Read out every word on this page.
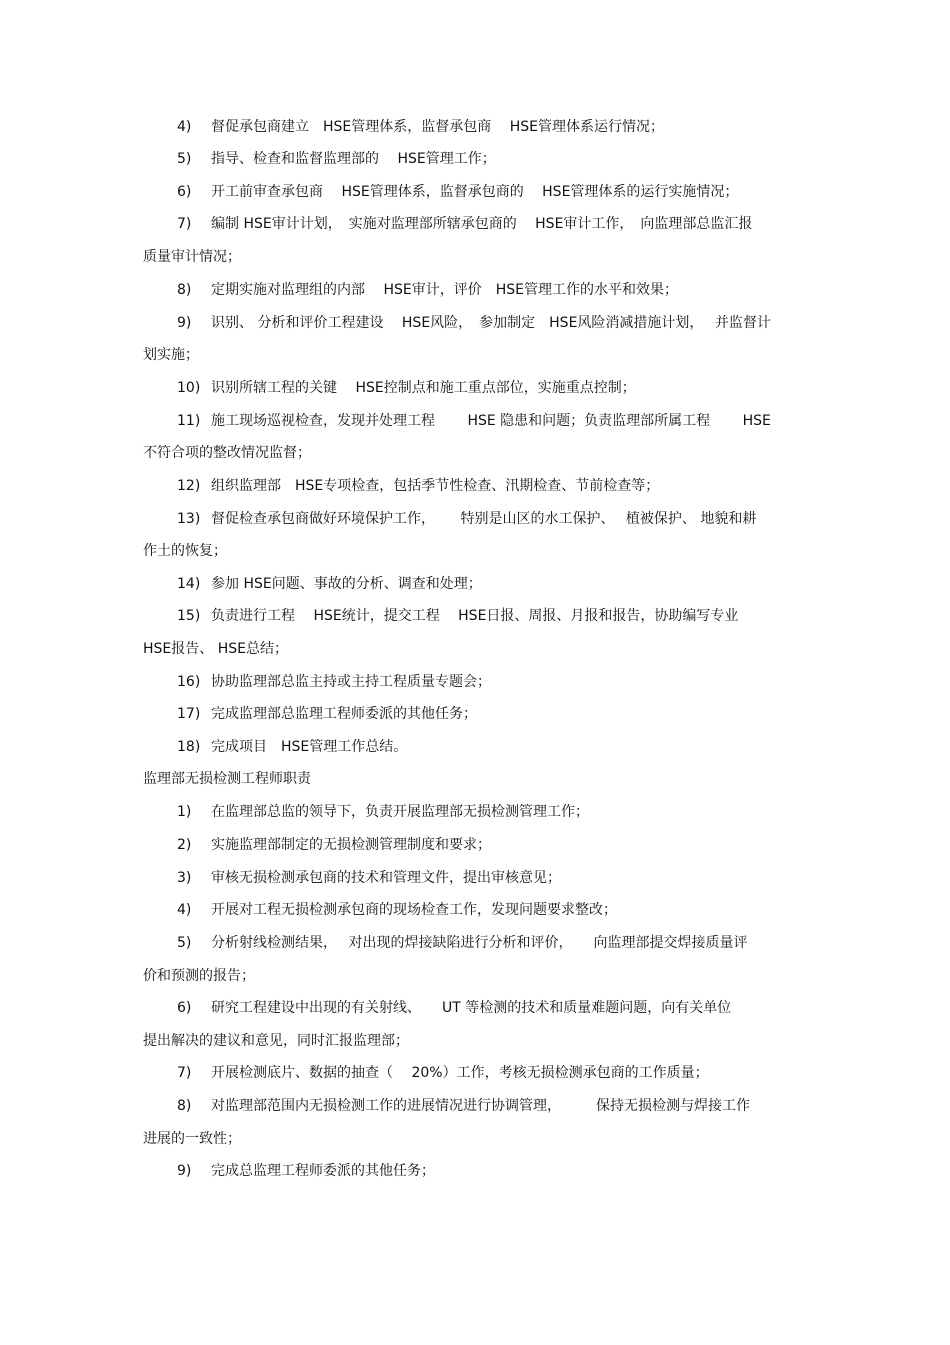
4) 督促承包商建立　HSE管理体系，监督承包商　 HSE管理体系运行情况；
5) 指导、检查和监督监理部的　 HSE管理工作；
6) 开工前审查承包商　 HSE管理体系，监督承包商的　 HSE管理体系的运行实施情况；
7) 编制 HSE审计计划，　实施对监理部所辖承包商的　 HSE审计工作，　向监理部总监汇报
质量审计情况；
8) 定期实施对监理组的内部　 HSE审计，评价　HSE管理工作的水平和效果；
9) 识别、 分析和评价工程建设　 HSE风险，　参加制定　HSE风险消减措施计划，　 并监督计
划实施；
10) 识别所辖工程的关键　 HSE控制点和施工重点部位，实施重点控制；
11) 施工现场巡视检查，发现并处理工程　　 HSE 隐患和问题；负责监理部所属工程　　 HSE
不符合项的整改情况监督；
12) 组织监理部　HSE专项检查，包括季节性检查、汛期检查、节前检查等；
13) 督促检查承包商做好环境保护工作，　　 特别是山区的水工保护、　 植被保护、 地貌和耕
作土的恢复；
14) 参加 HSE问题、事故的分析、调查和处理；
15) 负责进行工程　 HSE统计，提交工程　 HSE日报、周报、月报和报告，协助编写专业
HSE报告、 HSE总结；
16) 协助监理部总监主持或主持工程质量专题会；
17) 完成监理部总监理工程师委派的其他任务；
18) 完成项目　HSE管理工作总结。
监理部无损检测工程师职责
1) 在监理部总监的领导下，负责开展监理部无损检测管理工作；
2) 实施监理部制定的无损检测管理制度和要求；
3) 审核无损检测承包商的技术和管理文件，提出审核意见；
4) 开展对工程无损检测承包商的现场检查工作，发现问题要求整改；
5) 分析射线检测结果，　 对出现的焊接缺陷进行分析和评价，　　向监理部提交焊接质量评
价和预测的报告；
6) 研究工程建设中出现的有关射线、　　UT 等检测的技术和质量难题问题，向有关单位
提出解决的建议和意见，同时汇报监理部；
7) 开展检测底片、数据的抽查（　 20%）工作，考核无损检测承包商的工作质量；
8) 对监理部范围内无损检测工作的进展情况进行协调管理，　　　保持无损检测与焊接工作
进展的一致性；
9) 完成总监理工程师委派的其他任务；
